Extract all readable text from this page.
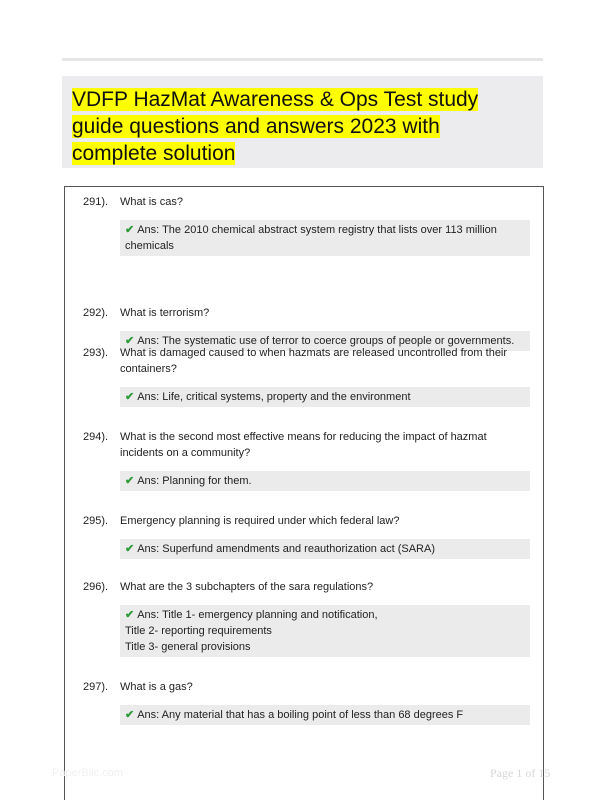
VDFP HazMat Awareness & Ops Test study guide questions and answers 2023 with complete solution
291). What is cas?
✔ Ans: The 2010 chemical abstract system registry that lists over 113 million chemicals
292). What is terrorism?
✔ Ans: The systematic use of terror to coerce groups of people or governments.
293). What is damaged caused to when hazmats are released uncontrolled from their containers?
✔ Ans: Life, critical systems, property and the environment
294). What is the second most effective means for reducing the impact of hazmat incidents on a community?
✔ Ans: Planning for them.
295). Emergency planning is required under which federal law?
✔ Ans: Superfund amendments and reauthorization act (SARA)
296). What are the 3 subchapters of the sara regulations?
✔ Ans: Title 1- emergency planning and notification,
Title 2- reporting requirements
Title 3- general provisions
297). What is a gas?
✔ Ans: Any material that has a boiling point of less than 68 degrees F
PaperBlic.com	Page 1 of 15
